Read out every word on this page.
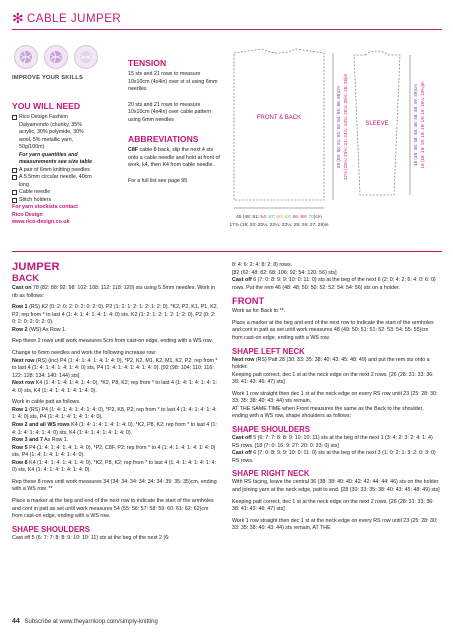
✻ CABLE JUMPER
IMPROVE YOUR SKILLS
YOU WILL NEED
Rico Design Fashion
Daiyamondo (chunky, 35%
acrylic, 30% polymide, 30%
wool, 5% metallic yarn,
50g/100m)
For yarn quantities and
measurements see size table
A pair of 6mm knitting needles
A 5.5mm circular needle, 40cm
long
Cable needle
Stitch holders
For yarn stockists contact
Rico Design
www.rico-design.co.uk
TENSION

15 sts and 21 rows to measure 10x10cm (4x4in) over st st using 6mm needles

20 sts and 21 rows to measure 10x10cm (4x4in) over cable pattern using 6mm needles

ABBREVIATIONS

C8F cable 8 back, slip the next 4 sts onto a cable needle and hold at front of work, k4, then K4 from cable needle.

For a full list see page 95

FRONT & BACK
SLEEVE
45 (48: 51: 54: 57: 60: 63: 66: 69: 70)cm
17¾ (19: 20: 20¼: 22¼: 23¼: 25: 26: 27: 28)in
58 (59: 60: 61: 62: 63: 64: 65: 66: 66)cm 22¾ (23¼: 23½: 24: 24½: 24¾: 25¼: 25½: 26: 26)in	48 (48: 48: 48: 48: 48: 48: 48: 49: 49)cm 19 (19: 19: 19: 19: 19: 19: 19: 19¼: 19¼)in
JUMPER
BACK

Cast on 78 (82: 88: 92: 98: 102: 108: 112: 118: 120) sts using 5.5mm needles. Work in rib as follows:

Row 1 (RS) K2 (0: 2: 0: 2: 0: 2: 0: 2: 0). P2 (1: 2: 1: 2: 1: 2: 1: 2: 0). *K2, P2, K1, P1, K2, P2; rep from * to last 4 (1: 4: 1: 4: 1: 4: 1: 4: 0) sts. K2 (1: 2: 1: 2: 1: 2: 1: 2: 0), P2 (0: 2: 0: 2: 0: 2: 0: 2: 0).

Row 2 (WS) As Row 1.

Rep these 2 rows until work measures 5cm from cast-on edge, ending with a WS row.

Change to 6mm needles and work the following increase row:
Next row (RS) (inc) P4 (1: 4: 1: 4: 1: 4: 1: 4: 0), *P2, K2, M1, K2, M1, K2, P2; rep from * to last 4 (1: 4: 1: 4: 1: 4: 1: 4: 0) sts, P4 (1: 4: 1: 4: 1: 4: 1: 4: 0). [92 (98: 104: 110: 116: 122: 128: 134: 140: 144) sts]

Next row K4 (1: 4: 1: 4: 1: 4: 1: 4: 0), *K2, P8, K2; rep from * to last 4 (1: 4: 1: 4: 1: 4: 1: 4: 0) sts, K4 (1: 4: 1: 4: 1: 4: 1: 4: 0).

Work in cable patt as follows.
Row 1 (RS) P4 (1: 4: 1: 4: 1: 4: 1: 4: 0), *P2, K8, P2; rep from * to last 4 (1: 4: 1: 4: 1: 4: 1: 4: 0) sts, P4 (1: 4: 1: 4: 1: 4: 1: 4: 0).

Row 2 and all WS rows K4 (1: 4: 1: 4: 1: 4: 1: 4: 0), *K2, P8, K2; rep from * to last 4 (1: 4: 1: 4: 1: 4: 1: 4: 0) sts, K4 (1: 4: 1: 4: 1: 4: 1: 4: 0).

Row 3 and 7 As Row 1.

Row 5 P4 (1: 4: 1: 4: 1: 4: 1: 4: 0), *P2, C8F, P2; rep from * to 4 (1: 4: 1: 4: 1: 4: 1: 4: 0) sts, P4 (1: 4: 1: 4: 1: 4: 1: 4: 0).

Row 8 K4 (1: 4: 1: 4: 1: 4: 1: 4: 0), *K2, P8, K2; rep from * to last 4 (1: 4: 1: 4: 1: 4: 1: 4: 0) sts, K4 (1: 4: 1: 4: 1: 4: 1: 4: 0).

Rep these 8 rows until work measures 34 (34: 34: 34: 34: 34: 34: 35: 35: 35)cm, ending with a WS row. **

Place a marker at the beg and end of the next row to indicate the start of the armholes and cont in patt as set until work measures 54 (55: 56: 57: 58: 59: 60: 61: 62: 62)cm from cast-on edge, ending with a WS row.

SHAPE SHOULDERS

Cast off 5 (6: 7: 7: 8: 8: 9: 10: 10: 11) sts at the beg of the next 2 (6:

8: 4: 6: 2: 4: 8: 2: 8) rows.

[82 (62: 48: 82: 68: 106: 92: 54: 120: 56) sts]

Cast off 6 (7: 0: 8: 9: 9: 10: 0: 11: 0) sts at the beg of the next 6 (2: 0: 4: 2: 6: 4: 0: 6: 0) rows. Put the rem 46 (48: 48: 50: 50: 52: 52: 54: 54: 56) sts on a holder.

FRONT

Work as for Back to **.

Place a marker at the beg and end of the next row to indicate the start of the armholes and cont in patt as set until work measures 48 (49: 50: 51: 51: 52: 53: 54: 55: 55)cm from cast-on edge, ending with a WS row.

SHAPE LEFT NECK

Next row (RS) Patt 28 (30: 33: 35: 38: 40: 43: 45: 48: 49) and put the rem sts onto a holder.

Keeping patt correct, dec 1 st at the neck edge on the next 2 rows. [26 (28: 31: 33: 36: 38: 41: 43: 46: 47) sts]

Work 1 row straight then dec 1 st at the neck edge on every RS row until 23 (25: 28: 30: 33: 35: 38: 40: 43: 44) sts remain,
AT THE SAME TIME when Front measures the same as the Back to the shoulder, ending with a WS row, shape shoulders as follows:

SHAPE SHOULDERS

Cast off 5 (6: 7: 7: 8: 8: 9: 10: 10: 11) sts at the beg of the next 1 (3: 4: 2: 3: 2: 4: 1: 4) RS rows. [18 (7: 0: 16: 9: 27: 20: 0: 33: 0) sts]

Cast off 6 (7: 0: 8: 9: 9: 10: 0: 11: 0) sts at the beg of the next 3 (1: 0: 2: 1: 3: 2: 0: 3: 0) RS rows.

SHAPE RIGHT NECK

With RS facing, leave the central 36 (38: 38: 40: 40: 42: 42: 44: 44: 46) sts on the holder and joining yarn at the neck edge, patt to end. [28 (30: 33: 35: 38: 40: 43: 45: 48: 49) sts]

Keeping patt correct, dec 1 st at the neck edge on the next 2 rows. [26 (28: 31: 33: 36: 38: 41: 43: 46: 47) sts]

Work 1 row straight then dec 1 st at the neck edge on every RS row until 23 (25: 28: 30: 33: 35: 38: 40: 43: 44) sts remain, AT THE

44 Subscribe at www.theyarnloop.com/simply-knitting
